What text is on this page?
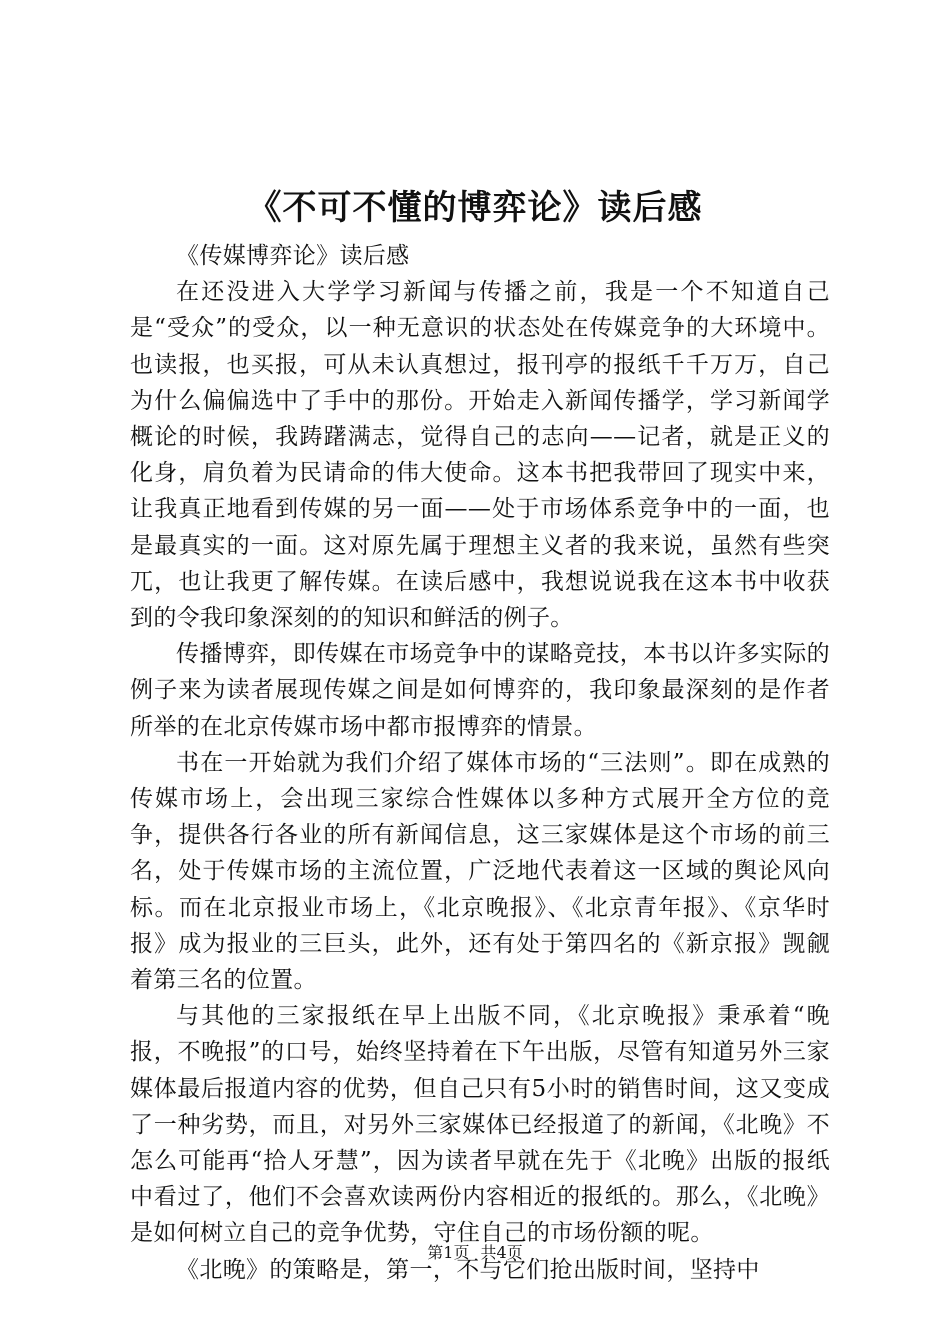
《不可不懂的博弈论》读后感

《传媒博弈论》读后感

在还没进入大学学习新闻与传播之前，我是一个不知道自己是“受众”的受众，以一种无意识的状态处在传媒竞争的大环境中。也读报，也买报，可从未认真想过，报刊亭的报纸千千万万，自己为什么偏偏选中了手中的那份。开始走入新闻传播学，学习新闻学概论的时候，我踌躇满志，觉得自己的志向——记者，就是正义的化身，肩负着为民请命的伟大使命。这本书把我带回了现实中来，让我真正地看到传媒的另一面——处于市场体系竞争中的一面，也是最真实的一面。这对原先属于理想主义者的我来说，虽然有些突兀，也让我更了解传媒。在读后感中，我想说说我在这本书中收获到的令我印象深刻的的知识和鲜活的例子。

传播博弈，即传媒在市场竞争中的谋略竞技，本书以许多实际的例子来为读者展现传媒之间是如何博弈的，我印象最深刻的是作者所举的在北京传媒市场中都市报博弈的情景。

书在一开始就为我们介绍了媒体市场的“三法则”。即在成熟的传媒市场上，会出现三家综合性媒体以多种方式展开全方位的竞争，提供各行各业的所有新闻信息，这三家媒体是这个市场的前三名，处于传媒市场的主流位置，广泛地代表着这一区域的舆论风向标。而在北京报业市场上，《北京晚报》、《北京青年报》、《京华时报》成为报业的三巨头，此外，还有处于第四名的《新京报》觊觎着第三名的位置。

与其他的三家报纸在早上出版不同，《北京晚报》秉承着“晚报，不晚报”的口号，始终坚持着在下午出版，尽管有知道另外三家媒体最后报道内容的优势，但自己只有5小时的销售时间，这又变成了一种劣势，而且，对另外三家媒体已经报道了的新闻，《北晚》不怎么可能再“拾人牙慧”，因为读者早就在先于《北晚》出版的报纸中看过了，他们不会喜欢读两份内容相近的报纸的。那么，《北晚》是如何树立自己的竞争优势，守住自己的市场份额的呢。

《北晚》的策略是，第一，不与它们抢出版时间，坚持中

第1页 共4页
